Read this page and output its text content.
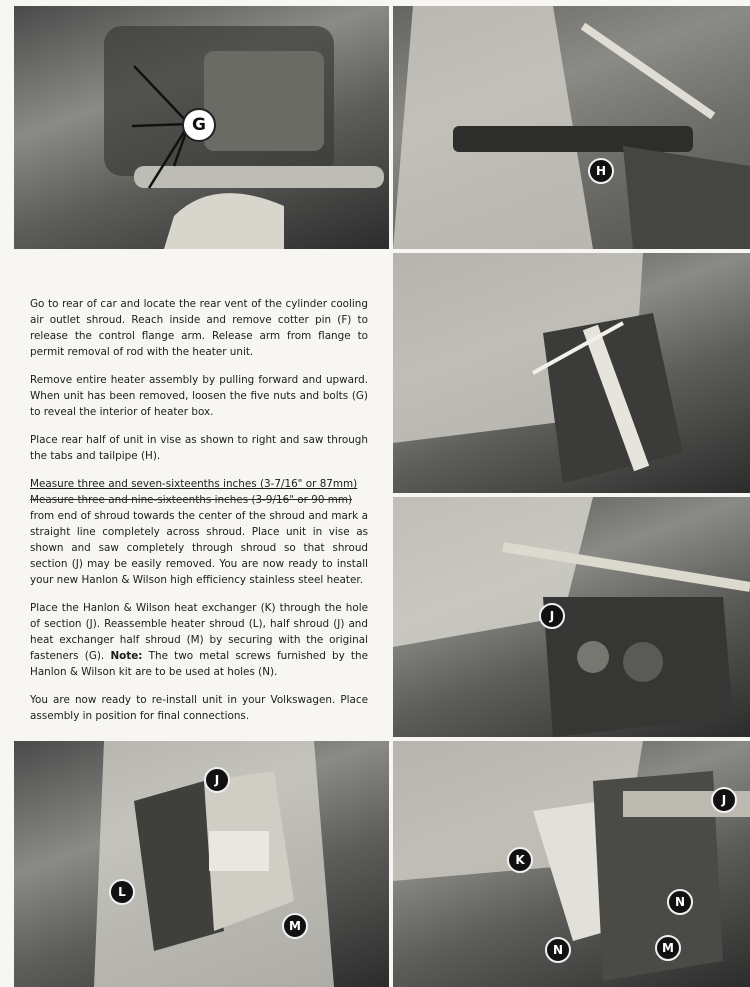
G
H

Go to rear of car and locate the rear vent of the cylinder cooling air outlet shroud. Reach inside and remove cotter pin (F) to release the control flange arm. Release arm from flange to permit removal of rod with the heater unit.

Remove entire heater assembly by pulling forward and upward. When unit has been removed, loosen the five nuts and bolts (G) to reveal the interior of heater box.

Place rear half of unit in vise as shown to right and saw through the tabs and tailpipe (H).

Measure three and seven-sixteenths inches (3-7/16" or 87mm)
Measure three and nine-sixteenths inches (3-9/16" or 90 mm)

from end of shroud towards the center of the shroud and mark a straight line completely across shroud. Place unit in vise as shown and saw completely through shroud so that shroud section (J) may be easily removed. You are now ready to install your new Hanlon & Wilson high efficiency stainless steel heater.

Place the Hanlon & Wilson heat exchanger (K) through the hole of section (J). Reassemble heater shroud (L), half shroud (J) and heat exchanger half shroud (M) by securing with the original fasteners (G). Note: The two metal screws furnished by the Hanlon & Wilson kit are to be used at holes (N).

You are now ready to re-install unit in your Volkswagen. Place assembly in position for final connections.

J
J
L
M
J
K
N
N	M
